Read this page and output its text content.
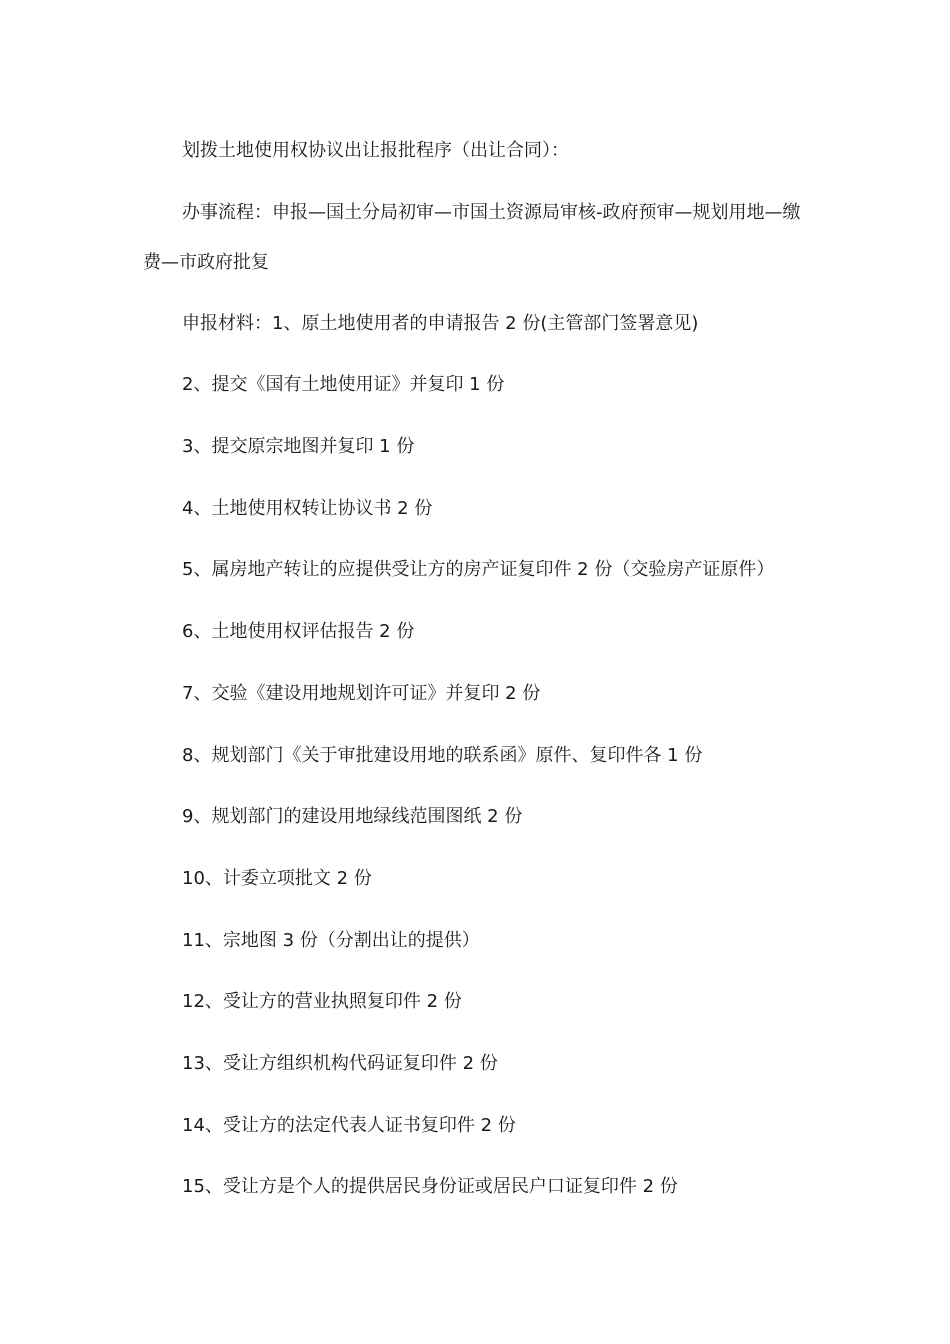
划拨土地使用权协议出让报批程序（出让合同）：

办事流程：申报—国土分局初审—市国土资源局审核-政府预审—规划用地—缴费—市政府批复

申报材料：1、原土地使用者的申请报告 2 份(主管部门签署意见)

2、提交《国有土地使用证》并复印 1 份

3、提交原宗地图并复印 1 份

4、土地使用权转让协议书 2 份

5、属房地产转让的应提供受让方的房产证复印件 2 份（交验房产证原件）

6、土地使用权评估报告 2 份

7、交验《建设用地规划许可证》并复印 2 份

8、规划部门《关于审批建设用地的联系函》原件、复印件各 1 份

9、规划部门的建设用地绿线范围图纸 2 份

10、计委立项批文 2 份

11、宗地图 3 份（分割出让的提供）

12、受让方的营业执照复印件 2 份

13、受让方组织机构代码证复印件 2 份

14、受让方的法定代表人证书复印件 2 份

15、受让方是个人的提供居民身份证或居民户口证复印件 2 份
